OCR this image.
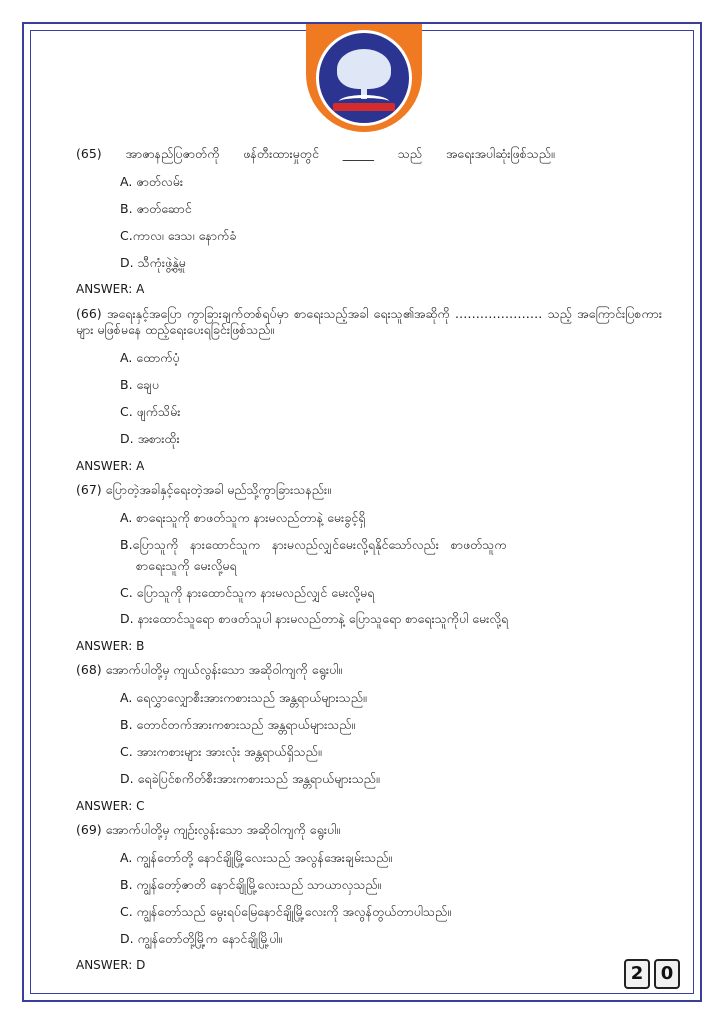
(65)      အာဇာနည်ပြဇာတ်ကို      ဖန်တီးထားမှုတွင်      _____      သည်      အရေးအပါဆုံးဖြစ်သည်။

A. ဇာတ်လမ်း

B. ဇာတ်ဆောင်

C.ကာလ၊ ဒေသ၊ နောက်ခံ

D. သီကုံးဖွဲ့နွဲ့မှု

ANSWER: A

(66) အရေးနှင့်အပြော ကွာခြားချက်တစ်ရပ်မှာ စာရေးသည့်အခါ ရေးသူ၏အဆိုကို ………………… သည့် အကြောင်းပြစကားများ မဖြစ်မနေ ထည့်ရေးပေးရခြင်းဖြစ်သည်။

A. ထောက်ပံ့

B. ချေပ

C. ဖျက်သိမ်း

D. အစားထိုး

ANSWER: A

(67) ပြောတဲ့အခါနှင့်ရေးတဲ့အခါ မည်သို့ကွာခြားသနည်း။

A. စာရေးသူကို စာဖတ်သူက နားမလည်တာနဲ့ မေးခွင့်ရှိ

B.ပြောသူကို   နားထောင်သူက   နားမလည်လျှင်မေးလို့ရနိုင်သော်လည်း   စာဖတ်သူက

စာရေးသူကို မေးလို့မရ

C. ပြောသူကို နားထောင်သူက နားမလည်လျှင် မေးလို့မရ

D. နားထောင်သူရော စာဖတ်သူပါ နားမလည်တာနဲ့ ပြောသူရော စာရေးသူကိုပါ မေးလို့ရ

ANSWER: B

(68) အောက်ပါတို့မှ ကျယ်လွန်းသော အဆိုဝါကျကို ရွေးပါ။

A. ရေလွှာလျှောစီးအားကစားသည် အန္တရာယ်များသည်။

B. တောင်တက်အားကစားသည် အန္တရာယ်များသည်။

C. အားကစားများ အားလုံး အန္တရာယ်ရှိသည်။

D. ရေခဲပြင်စကိတ်စီးအားကစားသည် အန္တရာယ်များသည်။

ANSWER: C

(69) အောက်ပါတို့မှ ကျဉ်းလွန်းသော အဆိုဝါကျကို ရွေးပါ။

A. ကျွန်တော်တို့ နောင်ချိုမြို့လေးသည် အလွန်အေးချမ်းသည်။

B. ကျွန်တော့်ဇာတိ နောင်ချိုမြို့လေးသည် သာယာလှသည်။

C. ကျွန်တော်သည် မွေးရပ်မြေနောင်ချိုမြို့လေးကို အလွန်တွယ်တာပါသည်။

D. ကျွန်တော်တို့မြို့က နောင်ချိုမြို့ပါ။

ANSWER: D	2 0
